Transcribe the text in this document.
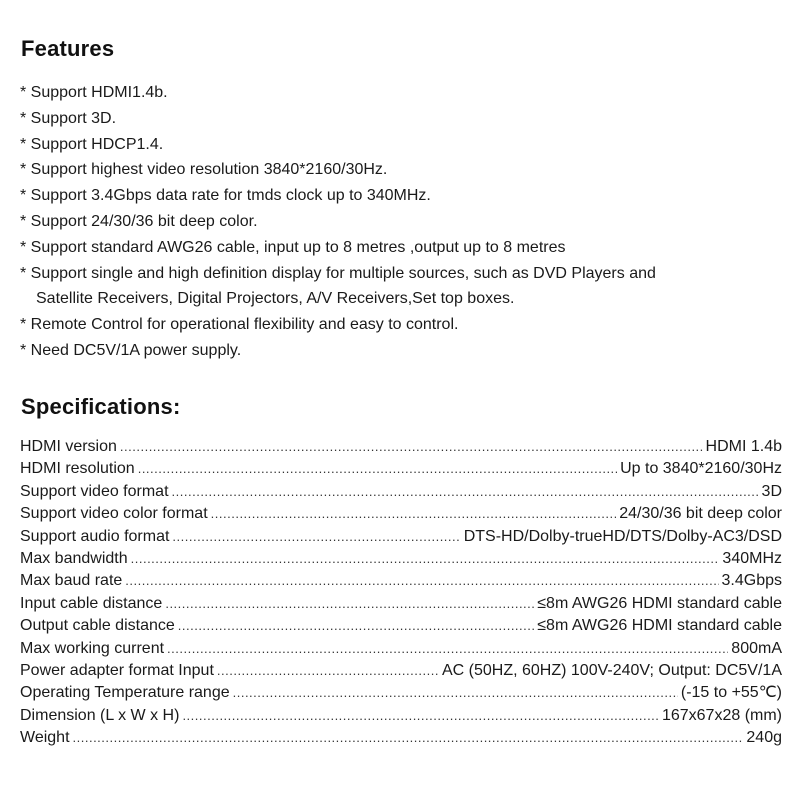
Features
* Support HDMI1.4b.
* Support 3D.
* Support HDCP1.4.
* Support highest video resolution 3840*2160/30Hz.
* Support 3.4Gbps data rate for tmds clock up to 340MHz.
* Support 24/30/36 bit deep color.
* Support standard AWG26 cable, input up to 8 metres ,output up to 8 metres
* Support single and high definition display for multiple sources, such as DVD Players and
Satellite Receivers, Digital Projectors, A/V Receivers,Set top boxes.
* Remote Control for operational flexibility and easy to control.
* Need DC5V/1A power supply.
Specifications:
HDMI version .....	HDMI 1.4b
HDMI resolution .....	Up to 3840*2160/30Hz
Support video format .....	3D
Support video color format .....	24/30/36 bit deep color
Support audio format .....	DTS-HD/Dolby-trueHD/DTS/Dolby-AC3/DSD
Max bandwidth .....	340MHz
Max baud rate .....	3.4Gbps
Input cable distance .....	≤8m AWG26 HDMI standard cable
Output cable distance .....	≤8m AWG26 HDMI standard cable
Max working current .....	800mA
Power adapter format Input .....	AC (50HZ, 60HZ) 100V-240V; Output: DC5V/1A
Operating Temperature range .....	(-15 to +55℃)
Dimension (L x W x H) .....	167x67x28 (mm)
Weight .....	240g
